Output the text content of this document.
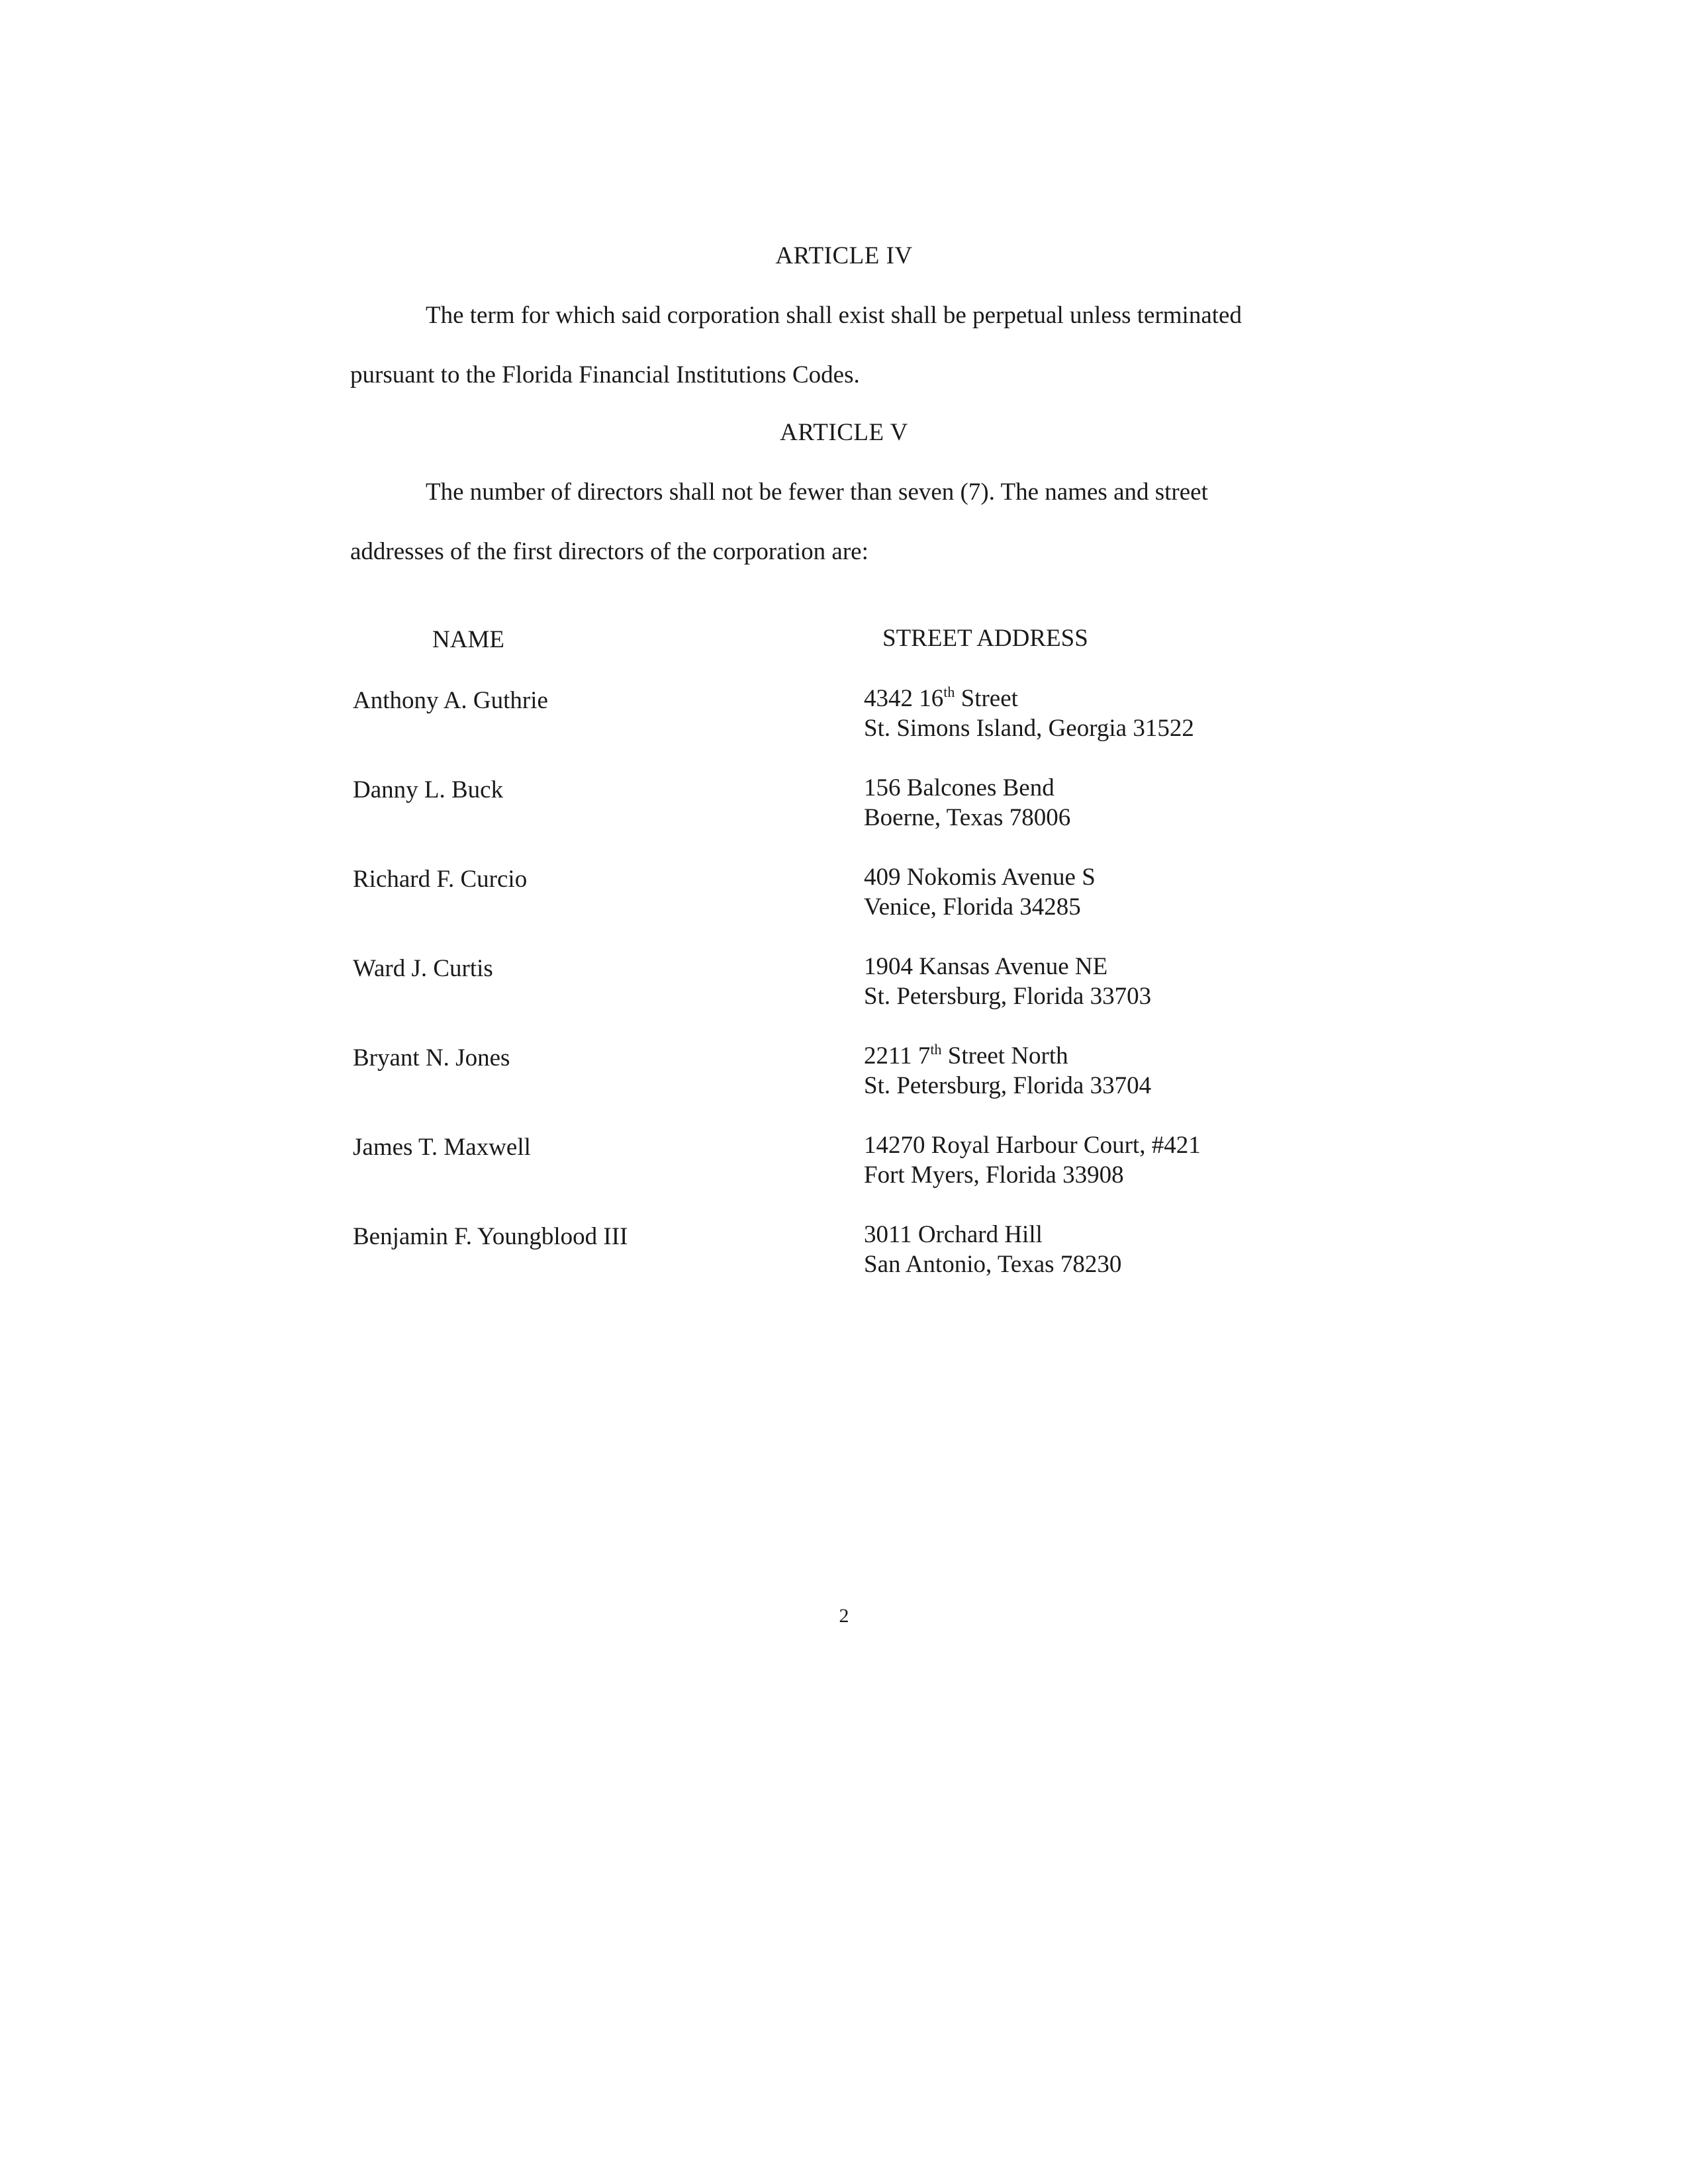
ARTICLE IV
The term for which said corporation shall exist shall be perpetual unless terminated
pursuant to the Florida Financial Institutions Codes.
ARTICLE V
The number of directors shall not be fewer than seven (7). The names and street
addresses of the first directors of the corporation are:
NAME	STREET ADDRESS
Anthony A. Guthrie	4342 16th Street
St. Simons Island, Georgia 31522
Danny L. Buck	156 Balcones Bend
Boerne, Texas 78006
Richard F. Curcio	409 Nokomis Avenue S
Venice, Florida 34285
Ward J. Curtis	1904 Kansas Avenue NE
St. Petersburg, Florida 33703
Bryant N. Jones	2211 7th Street North
St. Petersburg, Florida 33704
James T. Maxwell	14270 Royal Harbour Court, #421
Fort Myers, Florida 33908
Benjamin F. Youngblood III	3011 Orchard Hill
San Antonio, Texas 78230
2
